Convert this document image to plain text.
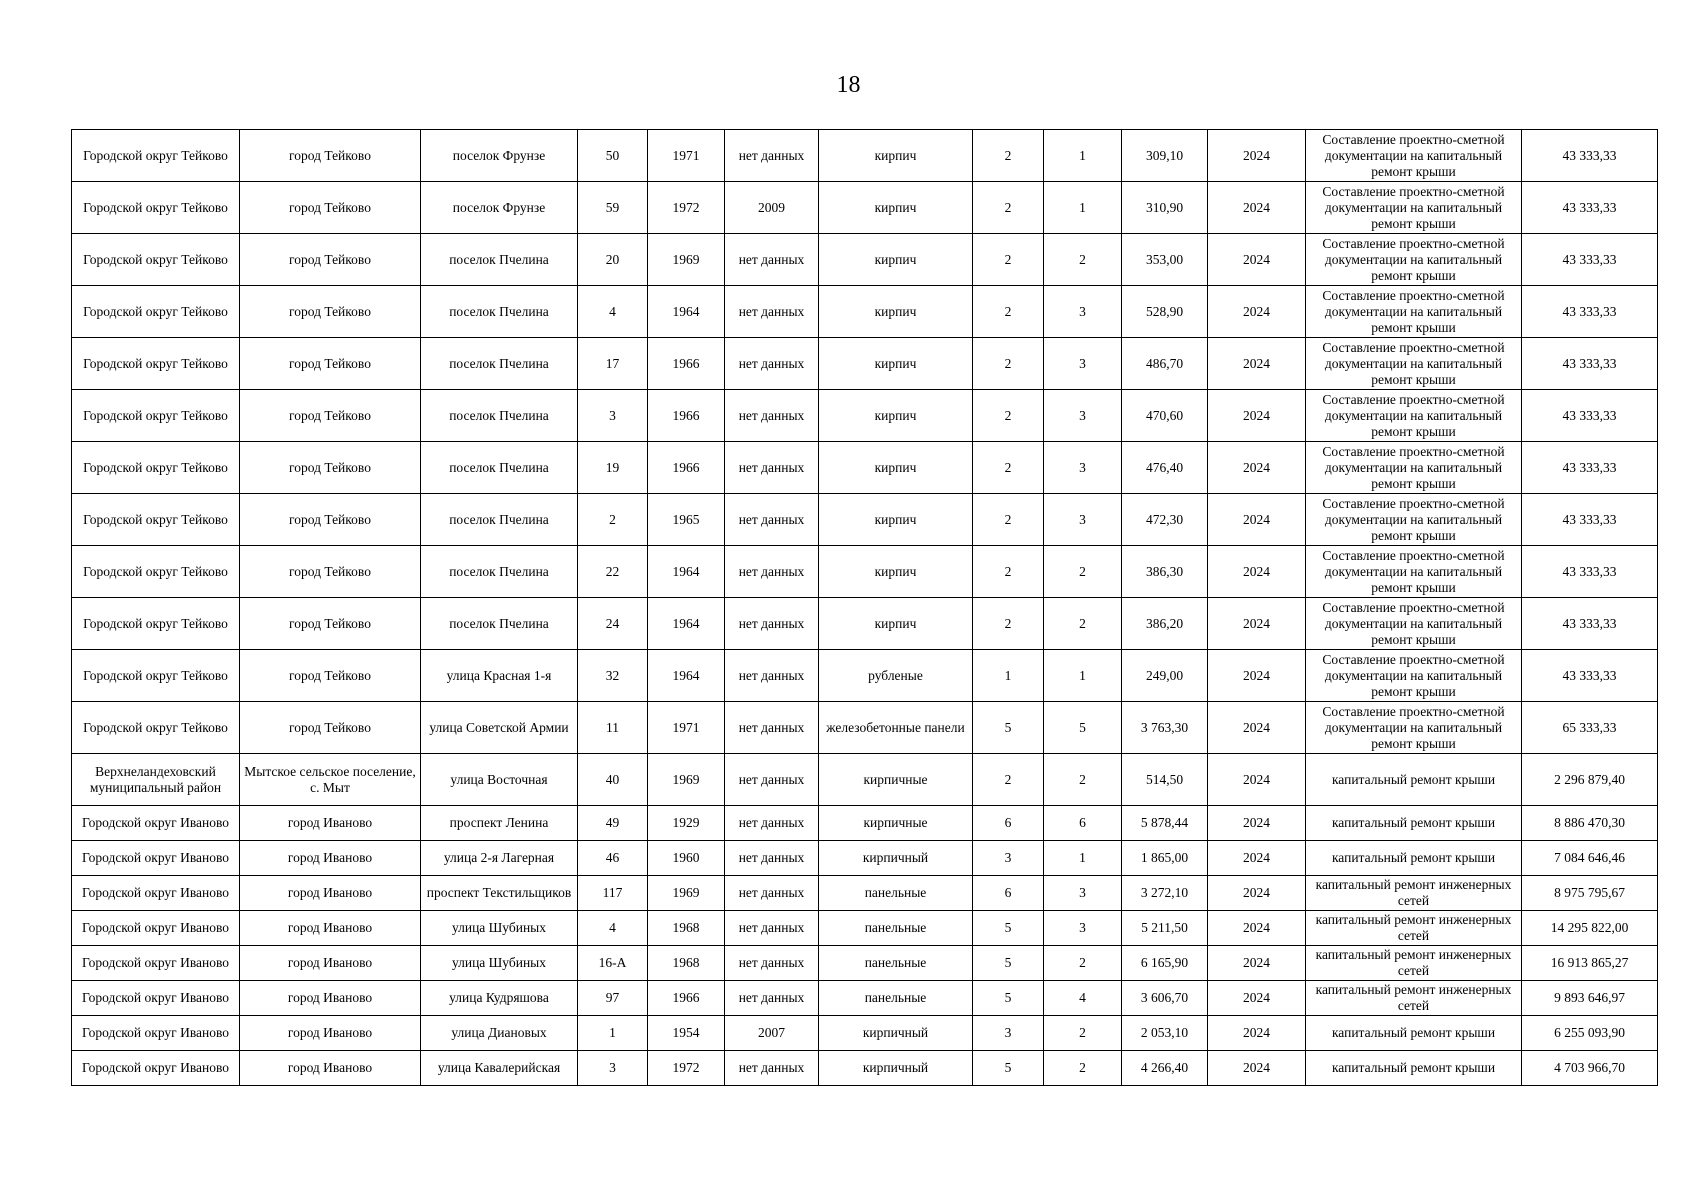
18
Городской округ Тейково	город Тейково	поселок Фрунзе	50	1971	нет данных	кирпич	2	1	309,10	2024	Составление проектно-сметной документации на капитальный ремонт крыши	43 333,33
Городской округ Тейково	город Тейково	поселок Фрунзе	59	1972	2009	кирпич	2	1	310,90	2024	Составление проектно-сметной документации на капитальный ремонт крыши	43 333,33
Городской округ Тейково	город Тейково	поселок Пчелина	20	1969	нет данных	кирпич	2	2	353,00	2024	Составление проектно-сметной документации на капитальный ремонт крыши	43 333,33
Городской округ Тейково	город Тейково	поселок Пчелина	4	1964	нет данных	кирпич	2	3	528,90	2024	Составление проектно-сметной документации на капитальный ремонт крыши	43 333,33
Городской округ Тейково	город Тейково	поселок Пчелина	17	1966	нет данных	кирпич	2	3	486,70	2024	Составление проектно-сметной документации на капитальный ремонт крыши	43 333,33
Городской округ Тейково	город Тейково	поселок Пчелина	3	1966	нет данных	кирпич	2	3	470,60	2024	Составление проектно-сметной документации на капитальный ремонт крыши	43 333,33
Городской округ Тейково	город Тейково	поселок Пчелина	19	1966	нет данных	кирпич	2	3	476,40	2024	Составление проектно-сметной документации на капитальный ремонт крыши	43 333,33
Городской округ Тейково	город Тейково	поселок Пчелина	2	1965	нет данных	кирпич	2	3	472,30	2024	Составление проектно-сметной документации на капитальный ремонт крыши	43 333,33
Городской округ Тейково	город Тейково	поселок Пчелина	22	1964	нет данных	кирпич	2	2	386,30	2024	Составление проектно-сметной документации на капитальный ремонт крыши	43 333,33
Городской округ Тейково	город Тейково	поселок Пчелина	24	1964	нет данных	кирпич	2	2	386,20	2024	Составление проектно-сметной документации на капитальный ремонт крыши	43 333,33
Городской округ Тейково	город Тейково	улица Красная 1-я	32	1964	нет данных	рубленые	1	1	249,00	2024	Составление проектно-сметной документации на капитальный ремонт крыши	43 333,33
Городской округ Тейково	город Тейково	улица Советской Армии	11	1971	нет данных	железобетонные панели	5	5	3 763,30	2024	Составление проектно-сметной документации на капитальный ремонт крыши	65 333,33
Верхнеландеховский муниципальный район	Мытское сельское поселение, с. Мыт	улица Восточная	40	1969	нет данных	кирпичные	2	2	514,50	2024	капитальный ремонт крыши	2 296 879,40
Городской округ Иваново	город Иваново	проспект Ленина	49	1929	нет данных	кирпичные	6	6	5 878,44	2024	капитальный ремонт крыши	8 886 470,30
Городской округ Иваново	город Иваново	улица 2-я Лагерная	46	1960	нет данных	кирпичный	3	1	1 865,00	2024	капитальный ремонт крыши	7 084 646,46
Городской округ Иваново	город Иваново	проспект Текстильщиков	117	1969	нет данных	панельные	6	3	3 272,10	2024	капитальный ремонт инженерных сетей	8 975 795,67
Городской округ Иваново	город Иваново	улица Шубиных	4	1968	нет данных	панельные	5	3	5 211,50	2024	капитальный ремонт инженерных сетей	14 295 822,00
Городской округ Иваново	город Иваново	улица Шубиных	16-А	1968	нет данных	панельные	5	2	6 165,90	2024	капитальный ремонт инженерных сетей	16 913 865,27
Городской округ Иваново	город Иваново	улица Кудряшова	97	1966	нет данных	панельные	5	4	3 606,70	2024	капитальный ремонт инженерных сетей	9 893 646,97
Городской округ Иваново	город Иваново	улица Диановых	1	1954	2007	кирпичный	3	2	2 053,10	2024	капитальный ремонт крыши	6 255 093,90
Городской округ Иваново	город Иваново	улица Кавалерийская	3	1972	нет данных	кирпичный	5	2	4 266,40	2024	капитальный ремонт крыши	4 703 966,70
